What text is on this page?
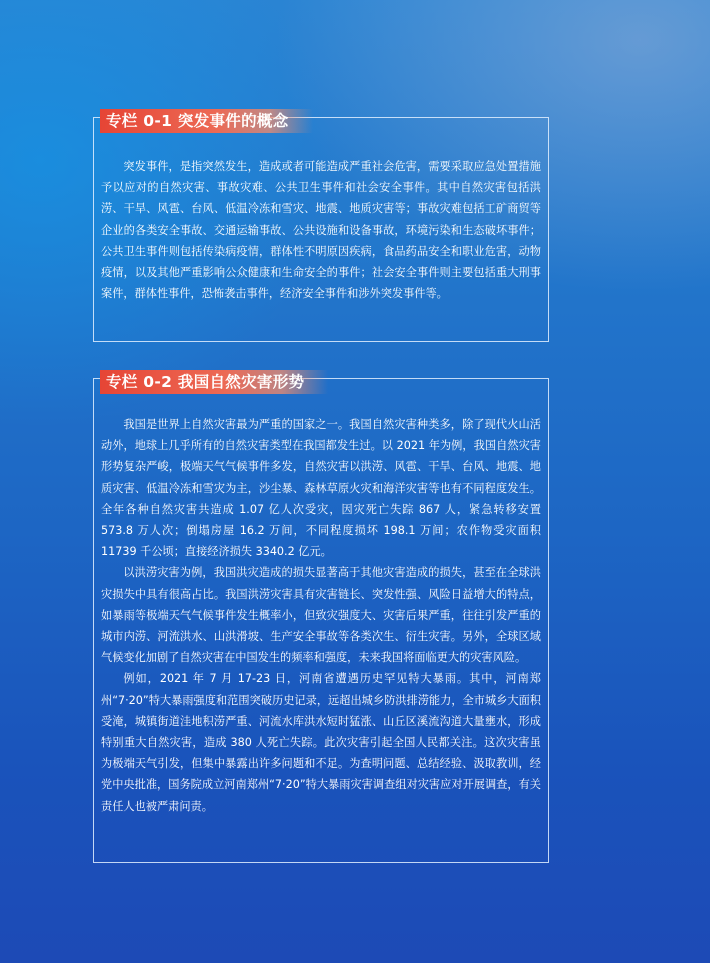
专栏 0-1 突发事件的概念

突发事件，是指突然发生，造成或者可能造成严重社会危害，需要采取应急处置措施予以应对的自然灾害、事故灾难、公共卫生事件和社会安全事件。其中自然灾害包括洪涝、干旱、风雹、台风、低温冷冻和雪灾、地震、地质灾害等；事故灾难包括工矿商贸等企业的各类安全事故、交通运输事故、公共设施和设备事故，环境污染和生态破坏事件；公共卫生事件则包括传染病疫情，群体性不明原因疾病，食品药品安全和职业危害，动物疫情，以及其他严重影响公众健康和生命安全的事件；社会安全事件则主要包括重大刑事案件，群体性事件，恐怖袭击事件，经济安全事件和涉外突发事件等。

专栏 0-2 我国自然灾害形势

我国是世界上自然灾害最为严重的国家之一。我国自然灾害种类多，除了现代火山活动外，地球上几乎所有的自然灾害类型在我国都发生过。以 2021 年为例，我国自然灾害形势复杂严峻，极端天气气候事件多发，自然灾害以洪涝、风雹、干旱、台风、地震、地质灾害、低温冷冻和雪灾为主，沙尘暴、森林草原火灾和海洋灾害等也有不同程度发生。全年各种自然灾害共造成 1.07 亿人次受灾，因灾死亡失踪 867 人，紧急转移安置 573.8 万人次；倒塌房屋 16.2 万间，不同程度损坏 198.1 万间；农作物受灾面积 11739 千公顷；直接经济损失 3340.2 亿元。

以洪涝灾害为例，我国洪灾造成的损失显著高于其他灾害造成的损失，甚至在全球洪灾损失中具有很高占比。我国洪涝灾害具有灾害链长、突发性强、风险日益增大的特点，如暴雨等极端天气气候事件发生概率小，但致灾强度大、灾害后果严重，往往引发严重的城市内涝、河流洪水、山洪滑坡、生产安全事故等各类次生、衍生灾害。另外，全球区域气候变化加剧了自然灾害在中国发生的频率和强度，未来我国将面临更大的灾害风险。

例如，2021 年 7 月 17-23 日，河南省遭遇历史罕见特大暴雨。其中，河南郑州“7·20”特大暴雨强度和范围突破历史记录，远超出城乡防洪排涝能力，全市城乡大面积受淹，城镇街道洼地积涝严重、河流水库洪水短时猛涨、山丘区溪流沟道大量壅水，形成特别重大自然灾害，造成 380 人死亡失踪。此次灾害引起全国人民都关注。这次灾害虽为极端天气引发，但集中暴露出许多问题和不足。为查明问题、总结经验、汲取教训，经党中央批准，国务院成立河南郑州“7·20”特大暴雨灾害调查组对灾害应对开展调查，有关责任人也被严肃问责。
